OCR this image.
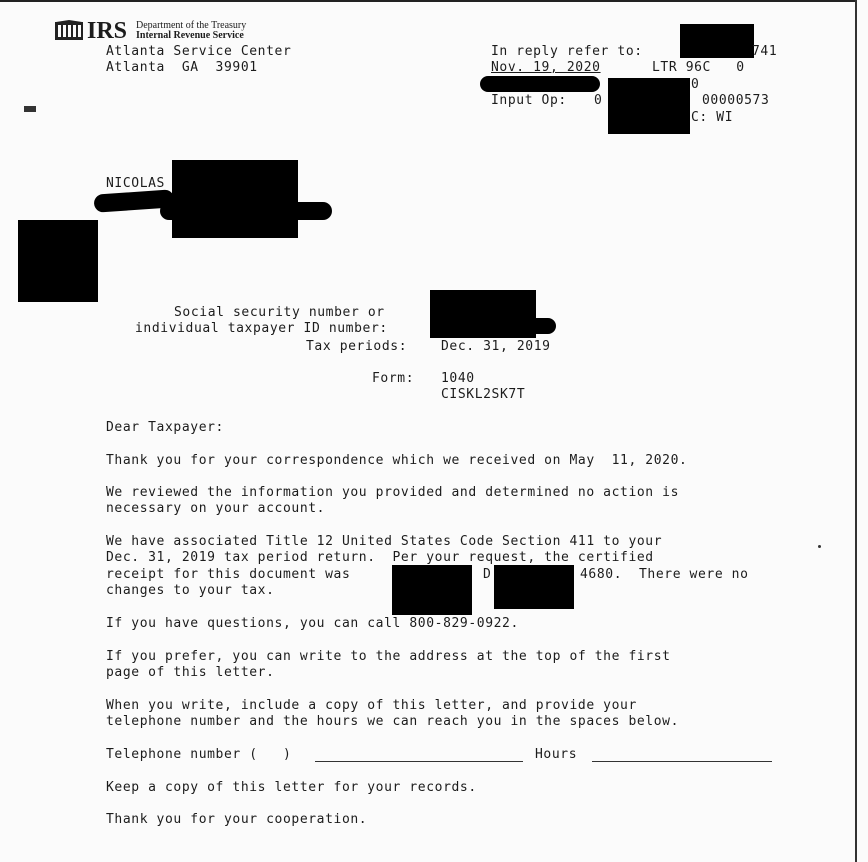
IRS Department of the Treasury
Internal Revenue Service
Atlanta Service Center
Atlanta  GA  39901
In reply refer to:	741
Nov. 19, 2020	LTR 96C   0
0
Input Op: 0	00000573
C: WI
NICOLAS
Social security number or
individual taxpayer ID number:
Tax periods:	Dec. 31, 2019
Form: 1040
CISKL2SK7T
Dear Taxpayer:
Thank you for your correspondence which we received on May  11, 2020.
We reviewed the information you provided and determined no action is
necessary on your account.
We have associated Title 12 United States Code Section 411 to your
Dec. 31, 2019 tax period return.  Per your request, the certified
receipt for this document was	D	4680.  There were no
changes to your tax.
If you have questions, you can call 800-829-0922.
If you prefer, you can write to the address at the top of the first
page of this letter.
When you write, include a copy of this letter, and provide your
telephone number and the hours we can reach you in the spaces below.
Telephone number (   )	Hours
Keep a copy of this letter for your records.
Thank you for your cooperation.
